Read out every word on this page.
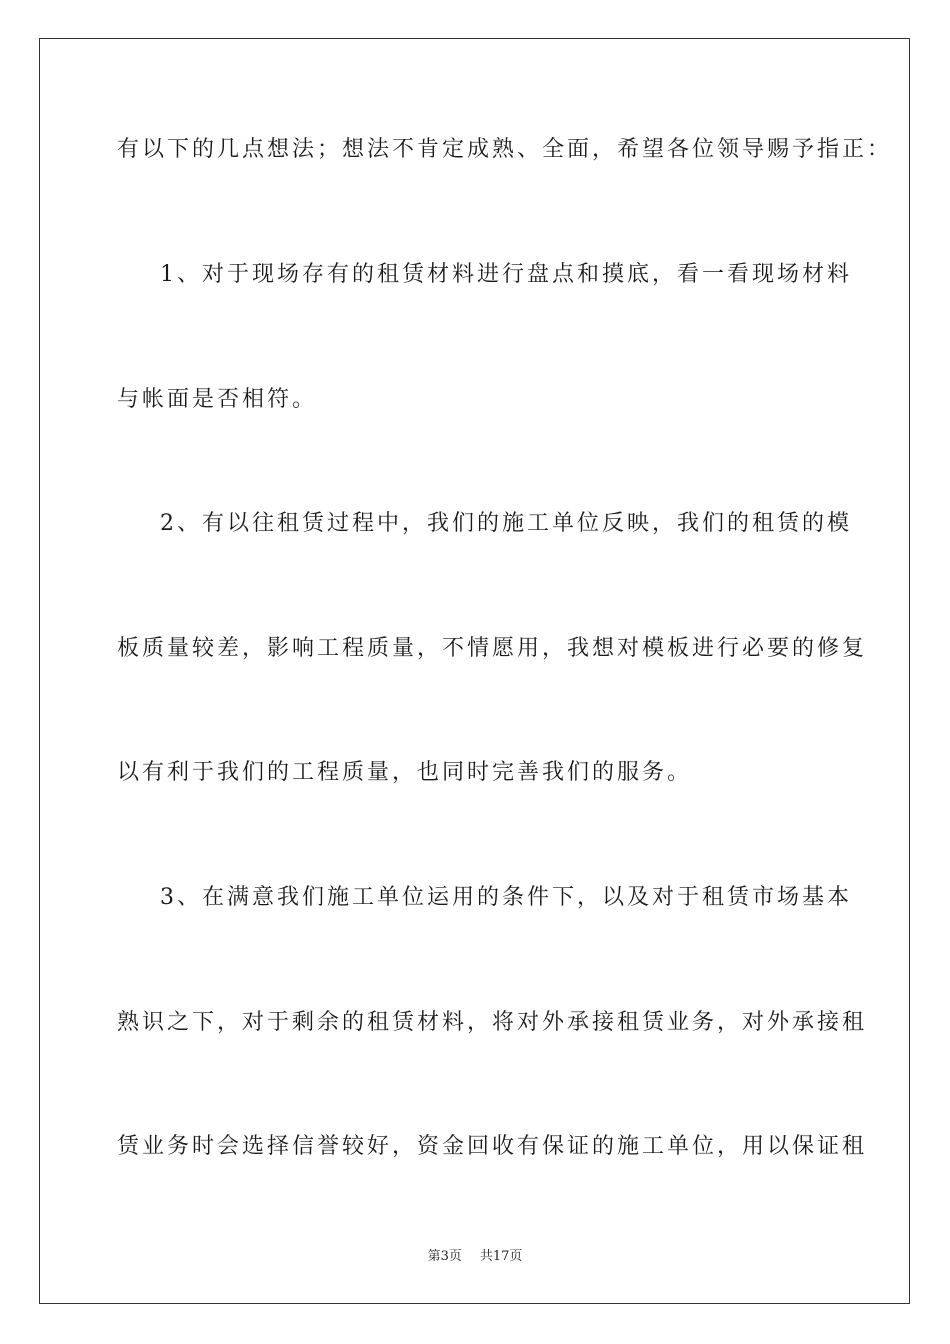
有以下的几点想法；想法不肯定成熟、全面，希望各位领导赐予指正：
1、对于现场存有的租赁材料进行盘点和摸底，看一看现场材料
与帐面是否相符。
2、有以往租赁过程中，我们的施工单位反映，我们的租赁的模
板质量较差，影响工程质量，不情愿用，我想对模板进行必要的修复
以有利于我们的工程质量，也同时完善我们的服务。
3、在满意我们施工单位运用的条件下，以及对于租赁市场基本
熟识之下，对于剩余的租赁材料，将对外承接租赁业务，对外承接租
赁业务时会选择信誉较好，资金回收有保证的施工单位，用以保证租
第3页 共17页
